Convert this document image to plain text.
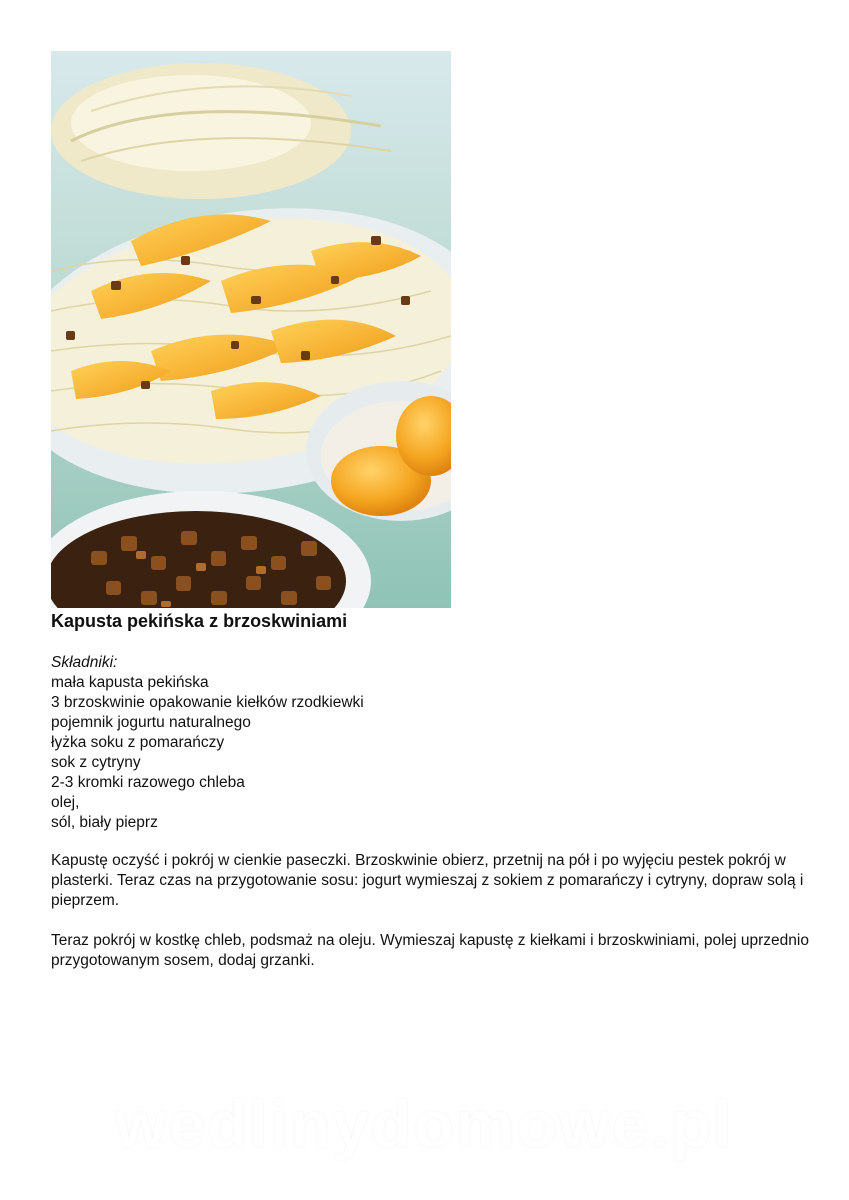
Kapusta pekińska z brzoskwiniami
Składniki:
mała kapusta pekińska
3 brzoskwinie opakowanie kiełków rzodkiewki
pojemnik jogurtu naturalnego
łyżka soku z pomarańczy
sok z cytryny
2-3 kromki razowego chleba
olej,
sól, biały pieprz

Kapustę oczyść i pokrój w cienkie paseczki. Brzoskwinie obierz, przetnij na pół i po wyjęciu pestek pokrój w plasterki. Teraz czas na przygotowanie sosu: jogurt wymieszaj z sokiem z pomarańczy i cytryny, dopraw solą i pieprzem.

Teraz pokrój w kostkę chleb, podsmaż na oleju. Wymieszaj kapustę z kiełkami i brzoskwiniami, polej uprzednio przygotowanym sosem, dodaj grzanki.

wedlinydomowe.pl
